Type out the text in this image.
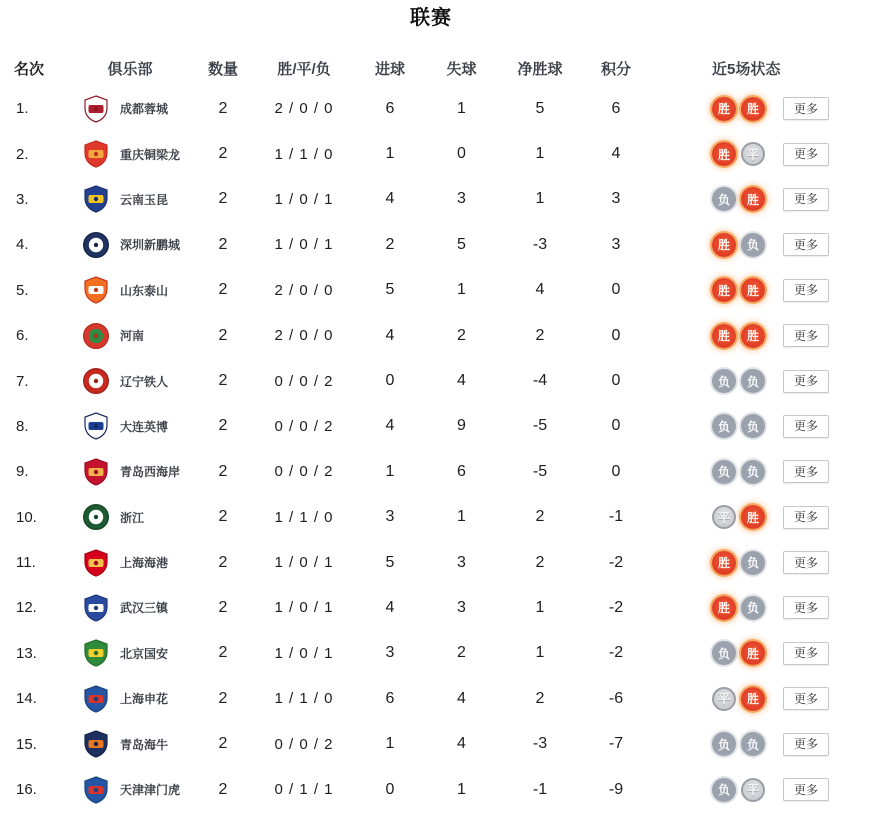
联赛
名次	俱乐部	数量	胜/平/负	进球	失球	净胜球	积分	近5场状态
1.	成都蓉城	2	2 / 0 / 0	6	1	5	6	胜	胜	更多
2.	重庆铜梁龙	2	1 / 1 / 0	1	0	1	4	胜	平	更多
3.	云南玉昆	2	1 / 0 / 1	4	3	1	3	负	胜	更多
4.	深圳新鹏城	2	1 / 0 / 1	2	5	-3	3	胜	负	更多
5.	山东泰山	2	2 / 0 / 0	5	1	4	0	胜	胜	更多
6.	河南	2	2 / 0 / 0	4	2	2	0	胜	胜	更多
7.	辽宁铁人	2	0 / 0 / 2	0	4	-4	0	负	负	更多
8.	大连英博	2	0 / 0 / 2	4	9	-5	0	负	负	更多
9.	青岛西海岸	2	0 / 0 / 2	1	6	-5	0	负	负	更多
10.	浙江	2	1 / 1 / 0	3	1	2	-1	平	胜	更多
11.	上海海港	2	1 / 0 / 1	5	3	2	-2	胜	负	更多
12.	武汉三镇	2	1 / 0 / 1	4	3	1	-2	胜	负	更多
13.	北京国安	2	1 / 0 / 1	3	2	1	-2	负	胜	更多
14.	上海申花	2	1 / 1 / 0	6	4	2	-6	平	胜	更多
15.	青岛海牛	2	0 / 0 / 2	1	4	-3	-7	负	负	更多
16.	天津津门虎	2	0 / 1 / 1	0	1	-1	-9	负	平	更多
